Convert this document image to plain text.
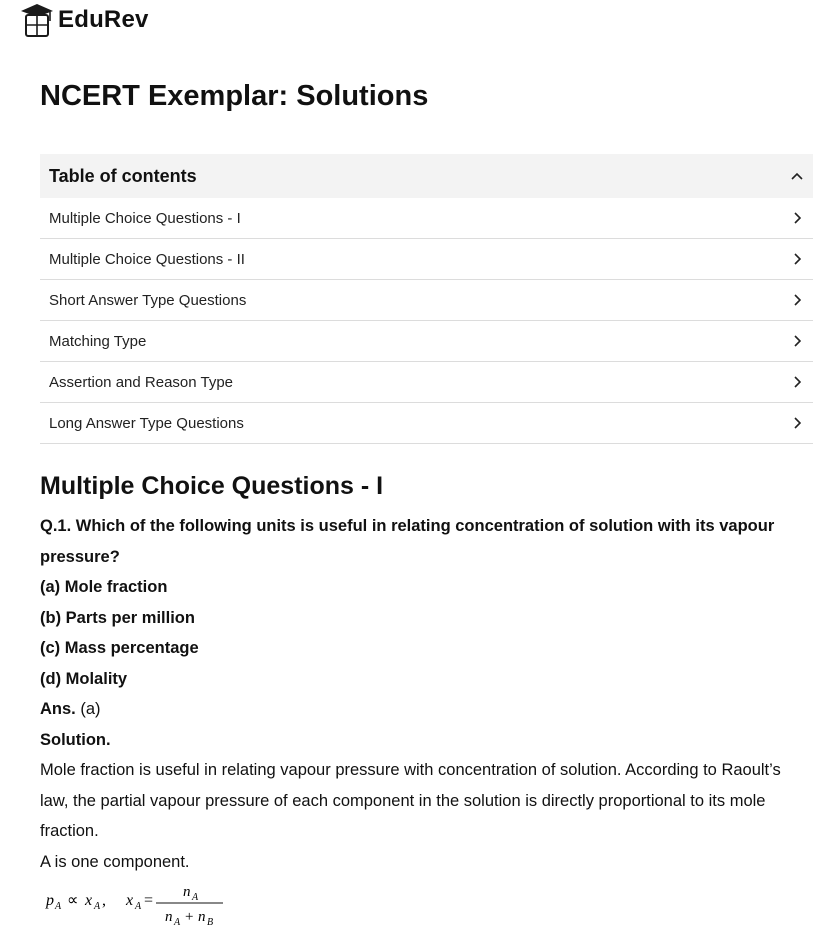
EduRev
NCERT Exemplar: Solutions
Table of contents
Multiple Choice Questions - I
Multiple Choice Questions - II
Short Answer Type Questions
Matching Type
Assertion and Reason Type
Long Answer Type Questions
Multiple Choice Questions - I

Q.1. Which of the following units is useful in relating concentration of solution with its vapour pressure?

(a) Mole fraction

(b) Parts per million

(c) Mass percentage

(d) Molality

Ans. (a)

Solution.

Mole fraction is useful in relating vapour pressure with concentration of solution. According to Raoult’s law, the partial vapour pressure of each component in the solution is directly proportional to its mole fraction.

A is one component.

p A ∝ x A , x A = n A
n A + n B
